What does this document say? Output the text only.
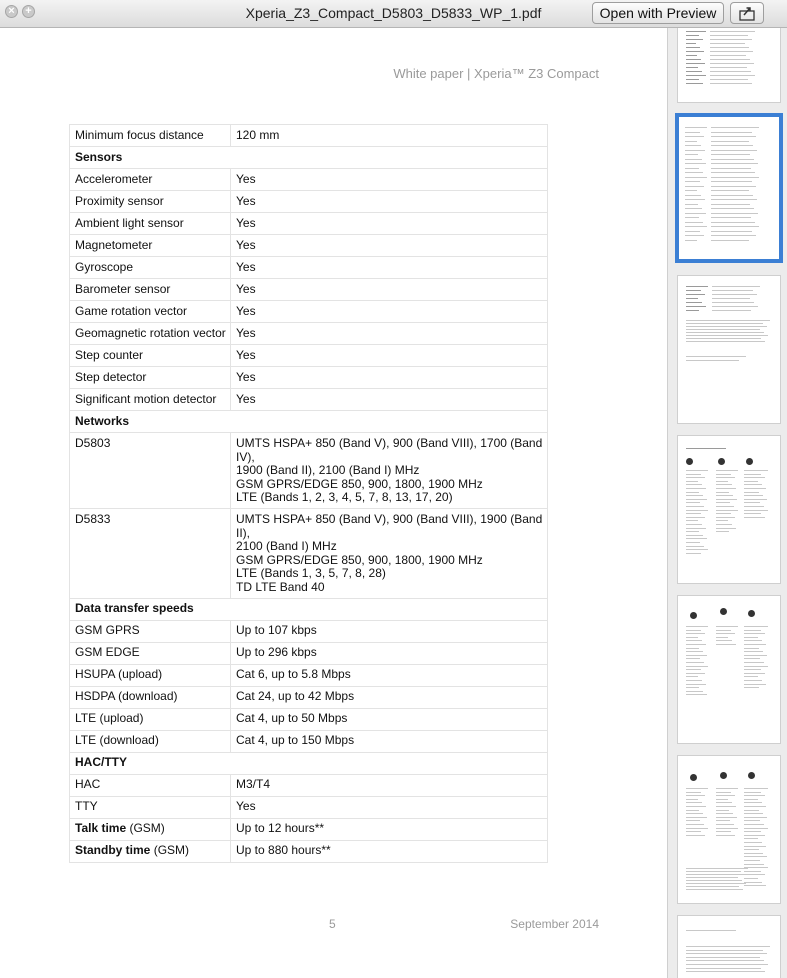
× +	Xperia_Z3_Compact_D5803_D5833_WP_1.pdf	Open with Preview
White paper | Xperia™ Z3 Compact
Minimum focus distance	120 mm
Sensors	
Accelerometer	Yes
Proximity sensor	Yes
Ambient light sensor	Yes
Magnetometer	Yes
Gyroscope	Yes
Barometer sensor	Yes
Game rotation vector	Yes
Geomagnetic rotation vector	Yes
Step counter	Yes
Step detector	Yes
Significant motion detector	Yes
Networks	
D5803	UMTS HSPA+ 850 (Band V), 900 (Band VIII), 1700 (Band IV),
1900 (Band II), 2100 (Band I) MHz
GSM GPRS/EDGE 850, 900, 1800, 1900 MHz
LTE (Bands 1, 2, 3, 4, 5, 7, 8, 13, 17, 20)

D5833	UMTS HSPA+ 850 (Band V), 900 (Band VIII), 1900 (Band II),
2100 (Band I) MHz
GSM GPRS/EDGE 850, 900, 1800, 1900 MHz
LTE (Bands 1, 3, 5, 7, 8, 28)
TD LTE Band 40

Data transfer speeds	
GSM GPRS	Up to 107 kbps
GSM EDGE	Up to 296 kbps
HSUPA (upload)	Cat 6, up to 5.8 Mbps
HSDPA (download)	Cat 24, up to 42 Mbps
LTE (upload)	Cat 4, up to 50 Mbps
LTE (download)	Cat 4, up to 150 Mbps
HAC/TTY	
HAC	M3/T4
TTY	Yes
Talk time (GSM)	Up to 12 hours**
Standby time (GSM)	Up to 880 hours**
5	September 2014
